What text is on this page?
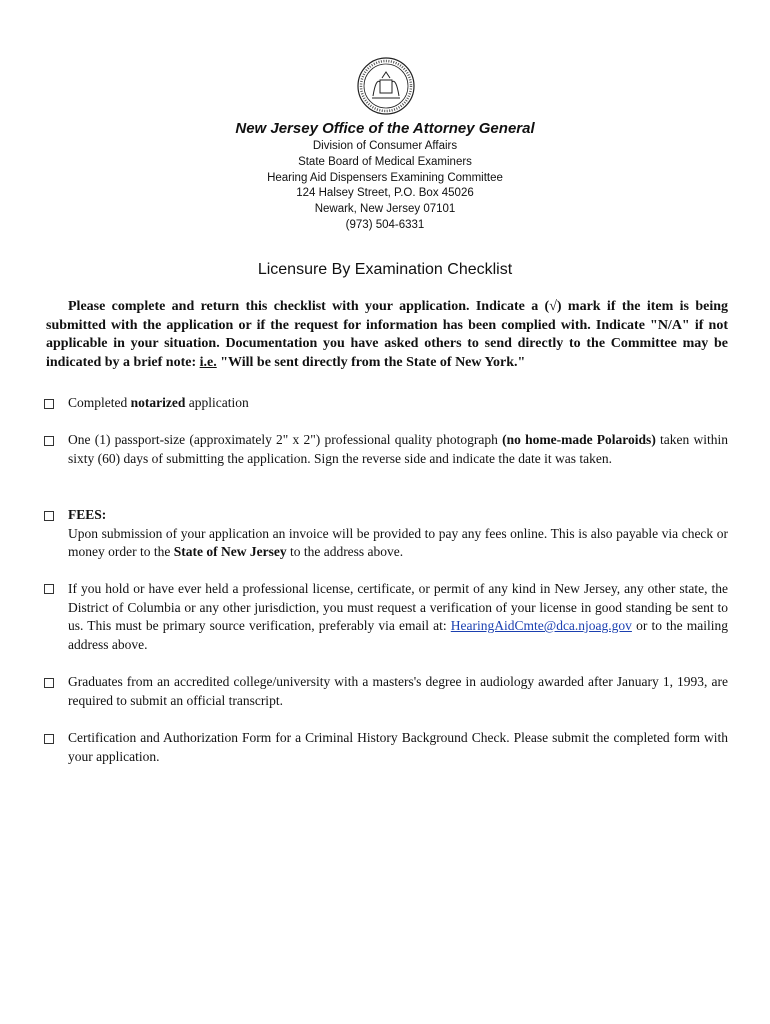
New Jersey Office of the Attorney General
Division of Consumer Affairs
State Board of Medical Examiners
Hearing Aid Dispensers Examining Committee
124 Halsey Street, P.O. Box 45026
Newark, New Jersey 07101
(973) 504-6331
Licensure By Examination Checklist

Please complete and return this checklist with your application. Indicate a (√) mark if the item is being submitted with the application or if the request for information has been complied with. Indicate "N/A" if not applicable in your situation. Documentation you have asked others to send directly to the Committee may be indicated by a brief note: i.e. "Will be sent directly from the State of New York."

Completed notarized application
One (1) passport-size (approximately 2" x 2") professional quality photograph (no home-made Polaroids) taken within sixty (60) days of submitting the application. Sign the reverse side and indicate the date it was taken.
FEES:
Upon submission of your application an invoice will be provided to pay any fees online. This is also payable via check or money order to the State of New Jersey to the address above.
If you hold or have ever held a professional license, certificate, or permit of any kind in New Jersey, any other state, the District of Columbia or any other jurisdiction, you must request a verification of your license in good standing be sent to us. This must be primary source verification, preferably via email at: HearingAidCmte@dca.njoag.gov or to the mailing address above.
Graduates from an accredited college/university with a masters's degree in audiology awarded after January 1, 1993, are required to submit an official transcript.
Certification and Authorization Form for a Criminal History Background Check. Please submit the completed form with your application.
